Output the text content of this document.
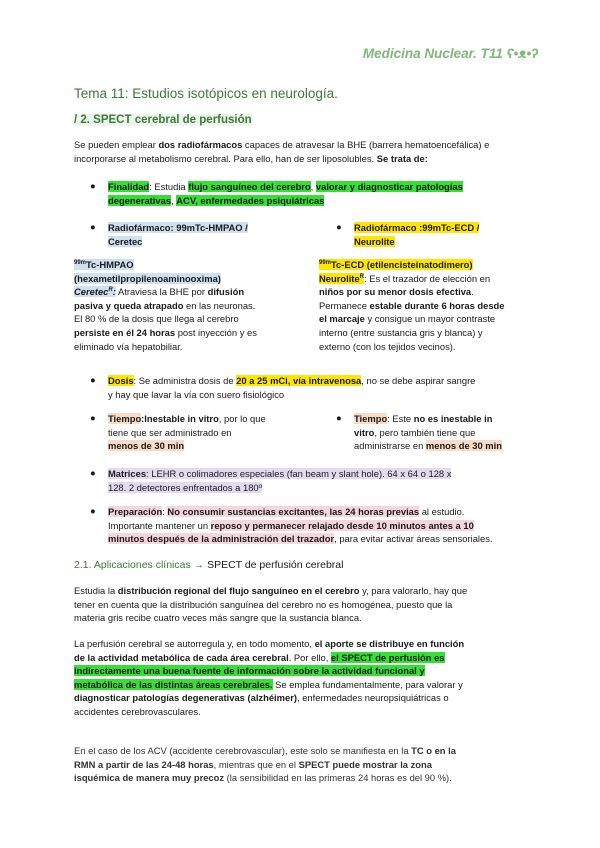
Medicina Nuclear. T11 ʕ•ᴥ•ʔ
Tema 11: Estudios isotópicos en neurología.
/ 2. SPECT cerebral de perfusión
Se pueden emplear dos radiofármacos capaces de atravesar la BHE (barrera hematoencefálica) e
incorporarse al metabolismo cerebral. Para ello, han de ser liposolubles. Se trata de:
● Finalidad: Estudia flujo sanguíneo del cerebro, valorar y diagnosticar patologías
degenerativas, ACV, enfermedades psiquiátricas
● Radiofármaco: 99mTc-HMPAO /
Ceretec
● Radiofármaco :99mTc-ECD /
Neurolite
$^{99m}$Tc-HMPAO
(hexametilpropilenoaminooxima)
Ceretec$^R$: Atraviesa la BHE por difusión
pasiva y queda atrapado en las neuronas.
El 80 % de la dosis que llega al cerebro
persiste en él 24 horas post inyección y es
eliminado vía hepatobiliar.
$^{99m}$Tc-ECD (etilencisteinatodimero)
Neurolite$^R$: Es el trazador de elección en
niños por su menor dosis efectiva.
Permanece estable durante 6 horas desde
el marcaje y consigue un mayor contraste
interno (entre sustancia gris y blanca) y
externo (con los tejidos vecinos).
● Dosis: Se administra dosis de 20 a 25 mCi, vía intravenosa, no se debe aspirar sangre
y hay que lavar la vía con suero fisiológico
● Tiempo:Inestable in vitro, por lo que
tiene que ser administrado en
menos de 30 min
● Tiempo: Este no es inestable in
vitro, pero también tiene que
administrarse en menos de 30 min
● Matrices: LEHR o colimadores especiales (fan beam y slant hole). 64 x 64 o 128 x
128. 2 detectores enfrentados a 180º
● Preparación: No consumir sustancias excitantes, las 24 horas previas al estudio.
Importante mantener un reposo y permanecer relajado desde 10 minutos antes a 10
minutos después de la administración del trazador, para evitar activar áreas sensoriales.
2.1. Aplicaciones clínicas → SPECT de perfusión cerebral
Estudia la distribución regional del flujo sanguíneo en el cerebro y, para valorarlo, hay que
tener en cuenta que la distribución sanguínea del cerebro no es homogénea, puesto que la
materia gris recibe cuatro veces más sangre que la sustancia blanca.
La perfusión cerebral se autorregula y, en todo momento, el aporte se distribuye en función
de la actividad metabólica de cada área cerebral. Por ello, el SPECT de perfusión es
indirectamente una buena fuente de información sobre la actividad funcional y
metabólica de las distintas áreas cerebrales. Se emplea fundamentalmente, para valorar y
diagnosticar patologías degenerativas (alzhéimer), enfermedades neuropsiquiátricas o
accidentes cerebrovasculares.
En el caso de los ACV (accidente cerebrovascular), este solo se manifiesta en la TC o en la
RMN a partir de las 24-48 horas, mientras que en el SPECT puede mostrar la zona
isquémica de manera muy precoz (la sensibilidad en las primeras 24 horas es del 90 %).
